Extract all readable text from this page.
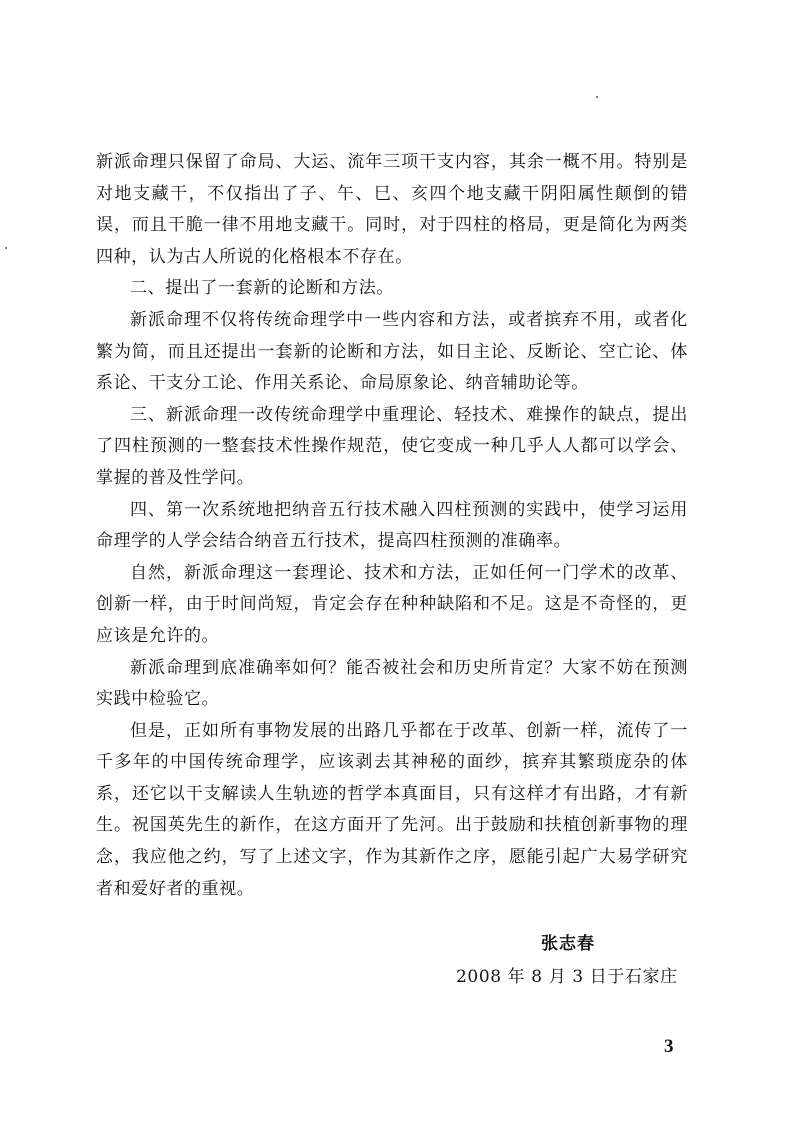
新派命理只保留了命局、大运、流年三项干支内容，其余一概不用。特别是对地支藏干，不仅指出了子、午、巳、亥四个地支藏干阴阳属性颠倒的错误，而且干脆一律不用地支藏干。同时，对于四柱的格局，更是简化为两类四种，认为古人所说的化格根本不存在。

二、提出了一套新的论断和方法。

新派命理不仅将传统命理学中一些内容和方法，或者摈弃不用，或者化繁为简，而且还提出一套新的论断和方法，如日主论、反断论、空亡论、体系论、干支分工论、作用关系论、命局原象论、纳音辅助论等。

三、新派命理一改传统命理学中重理论、轻技术、难操作的缺点，提出了四柱预测的一整套技术性操作规范，使它变成一种几乎人人都可以学会、掌握的普及性学问。

四、第一次系统地把纳音五行技术融入四柱预测的实践中，使学习运用命理学的人学会结合纳音五行技术，提高四柱预测的准确率。

自然，新派命理这一套理论、技术和方法，正如任何一门学术的改革、创新一样，由于时间尚短，肯定会存在种种缺陷和不足。这是不奇怪的，更应该是允许的。

新派命理到底准确率如何？能否被社会和历史所肯定？大家不妨在预测实践中检验它。

但是，正如所有事物发展的出路几乎都在于改革、创新一样，流传了一千多年的中国传统命理学，应该剥去其神秘的面纱，摈弃其繁琐庞杂的体系，还它以干支解读人生轨迹的哲学本真面目，只有这样才有出路，才有新生。祝国英先生的新作，在这方面开了先河。出于鼓励和扶植创新事物的理念，我应他之约，写了上述文字，作为其新作之序，愿能引起广大易学研究者和爱好者的重视。

张志春
2008 年 8 月 3 日于石家庄
3
